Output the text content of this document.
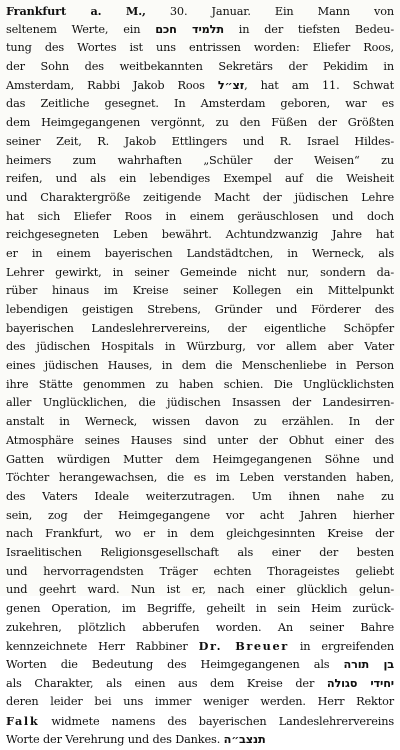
Frankfurt a. M., 30. Januar. Ein Mann von
seltenem Werte, ein תלמיד חכם in der tiefsten Bedeu-
tung des Wortes ist uns entrissen worden: Eliefer Roos,
der Sohn des weitbekannten Sekretärs der Pekidim in
Amsterdam, Rabbi Jakob Roos זצ״ל, hat am 11. Schwat
das Zeitliche gesegnet. In Amsterdam geboren, war es
dem Heimgegangenen vergönnt, zu den Füßen der Größten
seiner Zeit, R. Jakob Ettlingers und R. Israel Hildes-
heimers zum wahrhaften „Schüler der Weisen“ zu
reifen, und als ein lebendiges Exempel auf die Weisheit
und Charaktergröße zeitigende Macht der jüdischen Lehre
hat sich Eliefer Roos in einem geräuschlosen und doch
reichgesegneten Leben bewährt. Achtundzwanzig Jahre hat
er in einem bayerischen Landstädtchen, in Werneck, als
Lehrer gewirkt, in seiner Gemeinde nicht nur, sondern da-
rüber hinaus im Kreise seiner Kollegen ein Mittelpunkt
lebendigen geistigen Strebens, Gründer und Förderer des
bayerischen Landeslehrervereins, der eigentliche Schöpfer
des jüdischen Hospitals in Würzburg, vor allem aber Vater
eines jüdischen Hauses, in dem die Menschenliebe in Person
ihre Stätte genommen zu haben schien. Die Unglücklichsten
aller Unglücklichen, die jüdischen Insassen der Landesirren-
anstalt in Werneck, wissen davon zu erzählen. In der
Atmosphäre seines Hauses sind unter der Obhut einer des
Gatten würdigen Mutter dem Heimgegangenen Söhne und
Töchter herangewachsen, die es im Leben verstanden haben,
des Vaters Ideale weiterzutragen. Um ihnen nahe zu
sein, zog der Heimgegangene vor acht Jahren hierher
nach Frankfurt, wo er in dem gleichgesinnten Kreise der
Israelitischen Religionsgesellschaft als einer der besten
und hervorragendsten Träger echten Thorageistes geliebt
und geehrt ward. Nun ist er, nach einer glücklich gelun-
genen Operation, im Begriffe, geheilt in sein Heim zurück-
zukehren, plötzlich abberufen worden. An seiner Bahre
kennzeichnete Herr Rabbiner Dr. Breuer in ergreifenden
Worten die Bedeutung des Heimgegangenen als בן תורה
als Charakter, als einen aus dem Kreise der יחידי סגולה
deren leider bei uns immer weniger werden. Herr Rektor
Falk widmete namens des bayerischen Landeslehrervereins
Worte der Verehrung und des Dankes. תנצב״ה
